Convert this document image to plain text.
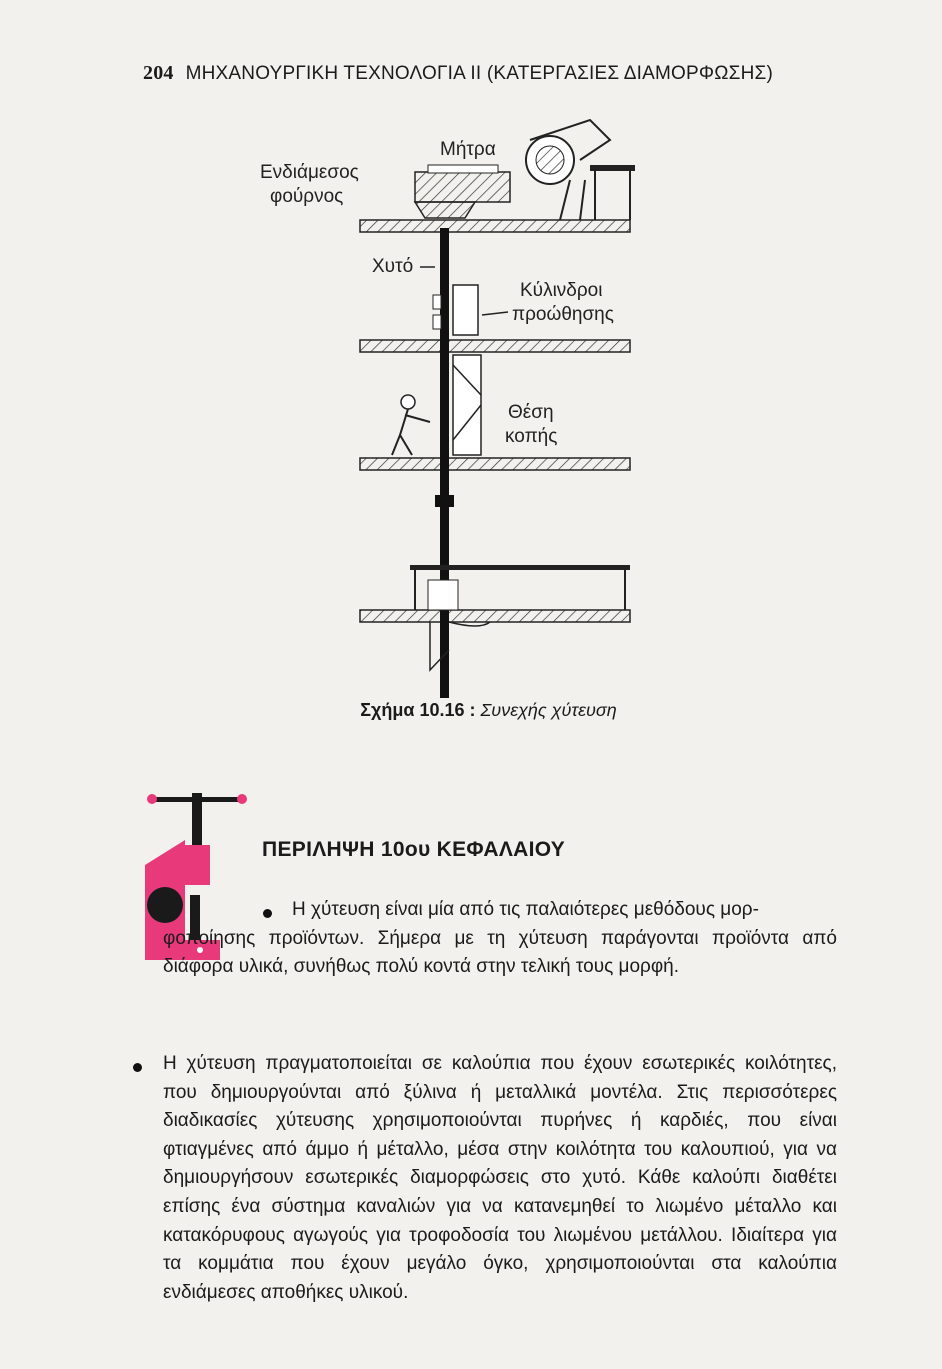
204 ΜΗΧΑΝΟΥΡΓΙΚΗ ΤΕΧΝΟΛΟΓΙΑ ΙΙ (ΚΑΤΕΡΓΑΣΙΕΣ ΔΙΑΜΟΡΦΩΣΗΣ)
Μήτρα
Ενδιάμεσος
φούρνος
Χυτό
Κύλινδροι
προώθησης
Θέση
κοπής
Σχήμα 10.16 : Συνεχής χύτευση
ΠΕΡΙΛΗΨΗ 10ου ΚΕΦΑΛΑΙΟΥ
Η χύτευση είναι μία από τις παλαιότερες μεθόδους μορ-
φοποίησης προϊόντων. Σήμερα με τη χύτευση παράγονται προϊόντα από διάφορα υλικά, συνήθως πολύ κοντά στην τελική τους μορφή.
Η χύτευση πραγματοποιείται σε καλούπια που έχουν εσωτερικές κοιλότητες, που δημιουργούνται από ξύλινα ή μεταλλικά μοντέλα. Στις περισσότερες διαδικασίες χύτευσης χρησιμοποιούνται πυρήνες ή καρδιές, που είναι φτιαγμένες από άμμο ή μέταλλο, μέσα στην κοιλότητα του καλουπιού, για να δημιουργήσουν εσωτερικές διαμορφώσεις στο χυτό. Κάθε καλούπι διαθέτει επίσης ένα σύστημα καναλιών για να κατανεμηθεί το λιωμένο μέταλλο και κατακόρυφους αγωγούς για τροφοδοσία του λιωμένου μετάλλου. Ιδιαίτερα για τα κομμάτια που έχουν μεγάλο όγκο, χρησιμοποιούνται στα καλούπια ενδιάμεσες αποθήκες υλικού.
